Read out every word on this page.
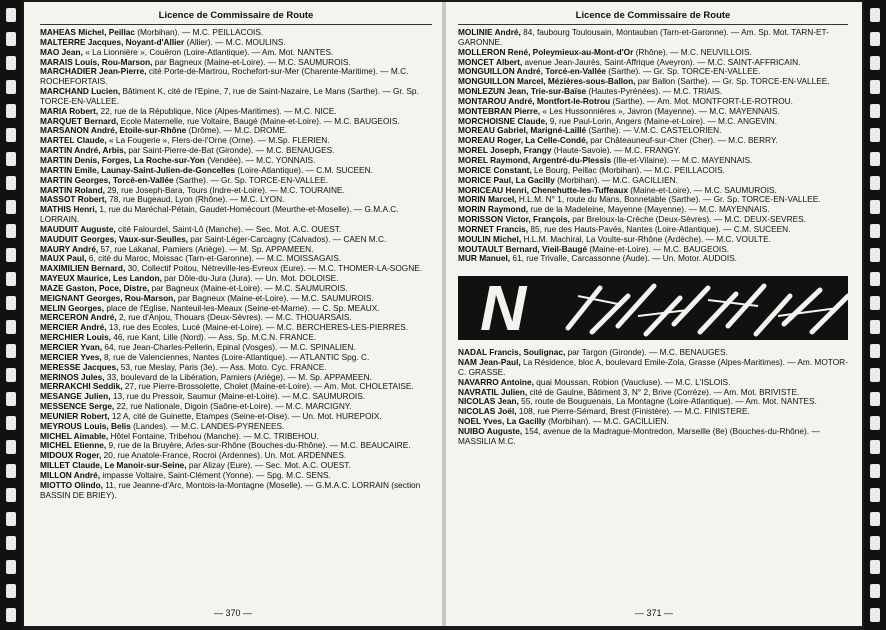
Licence de Commissaire de Route
MAHEAS Michel, Peillac (Morbihan). — M.C. PEILLACOIS.
MALTERRE Jacques, Noyant-d'Allier (Allier). — M.C. MOULINS.
MAO Jean, « La Lionnière », Couëron (Loire-Atlantique). — Am. Mot. NANTES.
MARAIS Louis, Rou-Marson, par Bagneux (Maine-et-Loire). — M.C. SAUMUROIS.
MARCHADIER Jean-Pierre, cité Porte-de-Martrou, Rochefort-sur-Mer (Charente-Maritime). — M.C. ROCHEFORTAIS.
MARCHAND Lucien, Bâtiment K, cité de l'Epine, 7, rue de Saint-Nazaire, Le Mans (Sarthe). — Gr. Sp. TORCE-EN-VALLEE.
MARIA Robert, 22, rue de la République, Nice (Alpes-Maritimes). — M.C. NICE.
MARQUET Bernard, Ecole Maternelle, rue Voltaire, Baugé (Maine-et-Loire). — M.C. BAUGEOIS.
MARSANON André, Etoile-sur-Rhône (Drôme). — M.C. DROME.
MARTEL Claude, « La Fougerie », Flers-de-l'Orne (Orne). — M.Sp. FLERIEN.
MARTIN André, Arbis, par Saint-Pierre-de-Bat (Gironde). — M.C. BENAUGES.
MARTIN Denis, Forges, La Roche-sur-Yon (Vendée). — M.C. YONNAIS.
MARTIN Emile, Launay-Saint-Julien-de-Goncelles (Loire-Atlantique). — C.M. SUCEEN.
MARTIN Georges, Torcé-en-Vallée (Sarthe). — Gr. Sp. TORCE-EN-VALLEE.
MARTIN Roland, 29, rue Joseph-Bara, Tours (Indre-et-Loire). — M.C. TOURAINE.
MASSOT Robert, 78, rue Bugeaud, Lyon (Rhône). — M.C. LYON.
MATHIS Henri, 1, rue du Maréchal-Pétain, Gaudet-Homécourt (Meurthe-et-Moselle). — G.M.A.C. LORRAIN.
MAUDUIT Auguste, cité Falourdel, Saint-Lô (Manche). — Sec. Mot. A.C. OUEST.
MAUDUIT Georges, Vaux-sur-Seulles, par Saint-Léger-Carcagny (Calvados). — CAEN M.C.
MAURY André, 57, rue Lakanal, Pamiers (Ariège). — M. Sp. APPAMEEN.
MAUX Paul, 6, cité du Maroc, Moissac (Tarn-et-Garonne). — M.C. MOISSAGAIS.
MAXIMILIEN Bernard, 30, Collectif Poitou, Nétreville-les-Evreux (Eure). — M.C. THOMER-LA-SOGNE.
MAYEUX Maurice, Les Landon, par Dôle-du-Jura (Jura). — Un. Mot. DOLOISE.
MAZE Gaston, Poce, Distre, par Bagneux (Maine-et-Loire). — M.C. SAUMUROIS.
MEIGNANT Georges, Rou-Marson, par Bagneux (Maine-et-Loire). — M.C. SAUMUROIS.
MELIN Georges, place de l'Eglise, Nanteuil-les-Meaux (Seine-et-Marne). — C. Sp. MEAUX.
MERCERON André, 2, rue d'Anjou, Thouars (Deux-Sèvres). — M.C. THOUARSAIS.
MERCIER André, 13, rue des Ecoles, Lucé (Maine-et-Loire). — M.C. BERCHERES-LES-PIERRES.
MERCHIER Louis, 46, rue Kant, Lille (Nord). — Ass. Sp. M.C.N. FRANCE.
MERCIER Yvan, 64, rue Jean-Charles-Pellerin, Epinal (Vosges). — M.C. SPINALIEN.
MERCIER Yves, 8, rue de Valenciennes, Nantes (Loire-Atlantique). — ATLANTIC Spg. C.
MERESSE Jacques, 53, rue Meslay, Paris (3e). — Ass. Moto. Cyc. FRANCE.
MERINOS Jules, 33, boulevard de la Libération, Pamiers (Ariège). — M. Sp. APPAMEEN.
MERRAKCHI Seddik, 27, rue Pierre-Brossolette, Cholet (Maine-et-Loire). — Am. Mot. CHOLETAISE.
MESANGE Julien, 13, rue du Pressoir, Saumur (Maine-et-Loire). — M.C. SAUMUROIS.
MESSENCE Serge, 22, rue Nationale, Digoin (Saône-et-Loire). — M.C. MARCIGNY.
MEUNIER Robert, 12 A, cité de Guinette, Etampes (Seine-et-Oise). — Un. Mot. HUREPOIX.
MEYROUS Louis, Belis (Landes). — M.C. LANDES-PYRENEES.
MICHEL Aimable, Hôtel Fontaine, Tribehou (Manche). — M.C. TRIBEHOU.
MICHEL Etienne, 9, rue de la Bruyère, Arles-sur-Rhône (Bouches-du-Rhône). — M.C. BEAUCAIRE.
MIDOUX Roger, 20, rue Anatole-France, Rocroi (Ardennes). Un. Mot. ARDENNES.
MILLET Claude, Le Manoir-sur-Seine, par Alizay (Eure). — Sec. Mot. A.C. OUEST.
MILLON André, impasse Voltaire, Saint-Clément (Yonne). — Spg. M.C. SENS.
MIOTTO Olindo, 11, rue Jeanne-d'Arc, Montois-la-Montagne (Moselle). — G.M.A.C. LORRAIN (section BASSIN DE BRIEY).
— 370 —
Licence de Commissaire de Route
MOLINIE André, 84, faubourg Toulousain, Montauban (Tarn-et-Garonne). — Am. Sp. Mot. TARN-ET-GARONNE.
MOLLERON René, Poleymieux-au-Mont-d'Or (Rhône). — M.C. NEUVILLOIS.
MONCET Albert, avenue Jean-Jaurès, Saint-Affrique (Aveyron). — M.C. SAINT-AFFRICAIN.
MONGUILLON André, Torcé-en-Vallée (Sarthe). — Gr. Sp. TORCE-EN-VALLEE.
MONGUILLON Marcel, Mézières-sous-Ballon, par Ballon (Sarthe). — Gr. Sp. TORCE-EN-VALLEE.
MONLEZUN Jean, Trie-sur-Baïse (Hautes-Pyrénées). — M.C. TRIAIS.
MONTAROU André, Montfort-le-Rotrou (Sarthe). — Am. Mot. MONTFORT-LE-ROTROU.
MONTEBRAN Pierre, « Les Hussonnières », Javron (Mayenne). — M.C. MAYENNAIS.
MORCHOISNE Claude, 9, rue Paul-Lorin, Angers (Maine-et-Loire). — M.C. ANGEVIN.
MOREAU Gabriel, Marigné-Laillé (Sarthe). — V.M.C. CASTELORIEN.
MOREAU Roger, La Celle-Condé, par Châteauneuf-sur-Cher (Cher). — M.C. BERRY.
MOREL Joseph, Frangy (Haute-Savoie). — M.C. FRANGY.
MOREL Raymond, Argentré-du-Plessis (Ille-et-Vilaine). — M.C. MAYENNAIS.
MORICE Constant, Le Bourg, Peillac (Morbihan). — M.C. PEILLACOIS.
MORICE Paul, La Gacilly (Morbihan). — M.C. GACILLIEN.
MORICEAU Henri, Chenehutte-les-Tuffeaux (Maine-et-Loire). — M.C. SAUMUROIS.
MORIN Marcel, H.L.M. N° 1, route du Mans, Bonnetable (Sarthe). — Gr. Sp. TORCE-EN-VALLEE.
MORIN Raymond, rue de la Madeleine, Mayenne (Mayenne). — M.C. MAYENNAIS.
MORISSON Victor, François, par Breloux-la-Crèche (Deux-Sèvres). — M.C. DEUX-SEVRES.
MORNET Francis, 85, rue des Hauts-Pavés, Nantes (Loire-Atlantique). — C.M. SUCEEN.
MOULIN Michel, H.L.M. Machiral, La Voulte-sur-Rhône (Ardèche). — M.C. VOULTE.
MOUTAULT Bernard, Vieil-Baugé (Maine-et-Loire). — M.C. BAUGEOIS.
MUR Manuel, 61, rue Trivalle, Carcassonne (Aude). — Un. Motor. AUDOIS.
N
NADAL Francis, Soulignac, par Targon (Gironde). — M.C. BENAUGES.
NAM Jean-Paul, La Résidence, bloc A, boulevard Emile-Zola, Grasse (Alpes-Maritimes). — Am. MOTOR-C. GRASSE.
NAVARRO Antoine, quai Moussan, Robion (Vaucluse). — M.C. L'ISLOIS.
NAVRATIL Julien, cité de Gaulne, Bâtiment 3, N° 2, Brive (Corrèze). — Am. Mot. BRIVISTE.
NICOLAS Jean, 55, route de Bouguenais, La Montagne (Loire-Atlantique). — Am. Mot. NANTES.
NICOLAS Joël, 108, rue Pierre-Sémard, Brest (Finistère). — M.C. FINISTERE.
NOEL Yves, La Gacilly (Morbihan). — M.C. GACILLIEN.
NUIBO Auguste, 154, avenue de la Madrague-Montredon, Marseille (8e) (Bouches-du-Rhône). — MASSILIA M.C.
— 371 —
